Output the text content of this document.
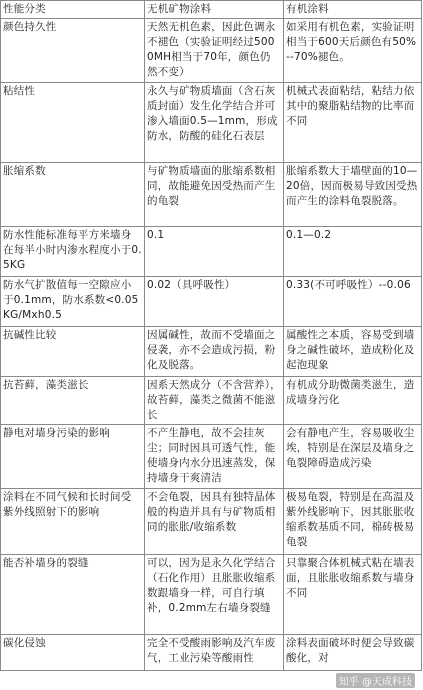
性能分类	无机矿物涂料	有机涂料
颜色持久性	天然无机色素，因此色调永不褪色（实验证明经过5000MH相当于70年，颜色仍然不变）	如采用有机色素，实验证明相当于600天后颜色有50%--70%褪色。
粘结性	永久与矿物质墙面（含石灰质封面）发生化学结合并可渗入墙面0.5—1mm，形成防水，防酸的硅化石表层	机械式表面粘结，粘结力依其中的聚脂粘结物的比率而不同
胀缩系数	与矿物质墙面的胀缩系数相同，故能避免因受热而产生的龟裂	胀缩系数大于墙壁面的10—20倍，因而极易导致因受热而产生的涂料龟裂脱落。
防水性能标准每平方米墙身在每半小时内渗水程度小于0.5KG	0.1	0.1—0.2
防水气扩散值每一空隙应小于0.1mm，防水系数<0.05KG/Mxh0.5	0.02（具呼吸性）	0.33(不可呼吸性）--0.06
抗碱性比较	因属碱性，故而不受墙面之侵袭，亦不会造成污损，粉化及脱落。	属酸性之本质，容易受到墙身之碱性破坏，造成粉化及起泡现象
抗苔藓，藻类滋长	因系天然成分（不含营养），故苔藓，藻类之微菌不能滋长	有机成分助微菌类滋生，造成墙身污化
静电对墙身污染的影响	不产生静电，故不会挂灰尘；同时因具可透气性，能使墙身内水分迅速蒸发，保持墙身干爽清洁	会有静电产生，容易吸收尘埃，特别是在深层及墙身之龟裂障碍造成污染
涂料在不同气候和长时间受紫外线照射下的影响	不会龟裂，因具有独特晶体般的构造并具有与矿物质相同的胀胀/收缩系数	极易龟裂，特别是在高温及紫外线影响下，因其胀胀收缩系数基质不同，棉砖极易龟裂
能否补墙身的裂缝	可以，因为是永久化学结合（石化作用）且胀胀收缩系数跟墙身一样，可自行填补，0.2mm左右墙身裂缝	只靠聚合体机械式粘在墙表面，且胀胀收缩系数与墙身不同
碳化侵蚀	完全不受酸雨影响及汽车废气，工业污染等酸雨性	涂料表面破坏时便会导致碳酸化，对
知乎 @天成科技
